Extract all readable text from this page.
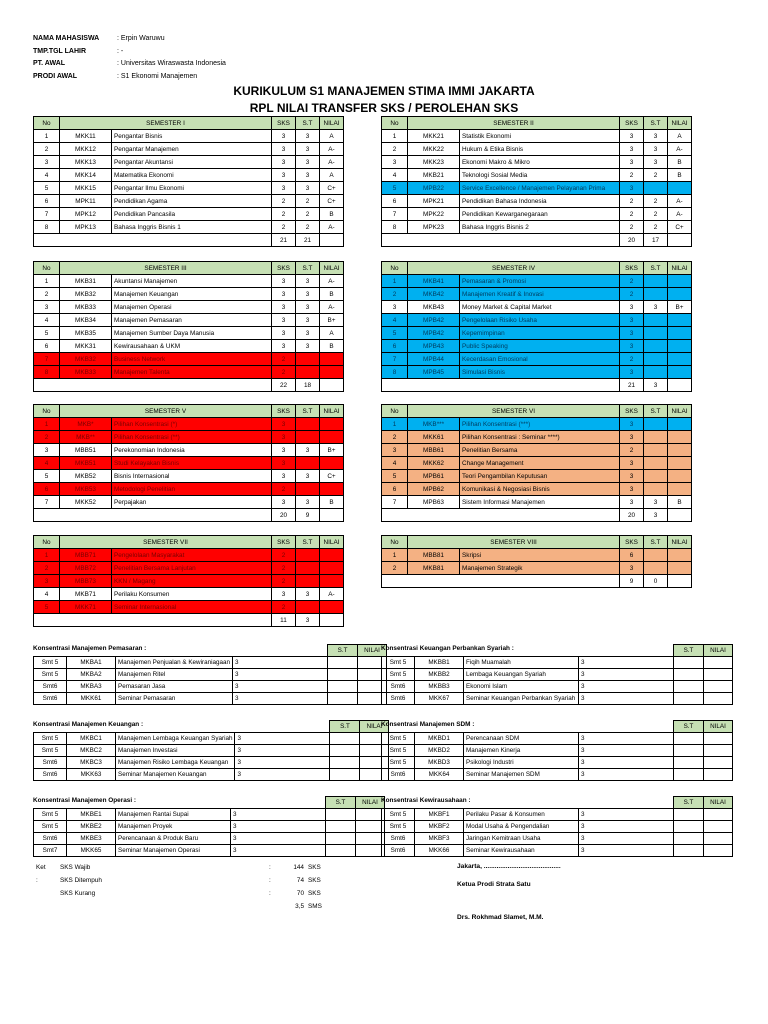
NAMA MAHASISWA	: Erpin Waruwu
TMP.TGL LAHIR	: -
PT. AWAL	: Universitas Wiraswasta Indonesia
PRODI AWAL	: S1 Ekonomi Manajemen
KURIKULUM S1 MANAJEMEN STIMA IMMI JAKARTA
RPL NILAI TRANSFER SKS / PEROLEHAN SKS
No	SEMESTER I		SKS	S.T	NILAI
1	MKK11	Pengantar Bisnis	3	3	A
2	MKK12	Pengantar Manajemen	3	3	A-
3	MKK13	Pengantar Akuntansi	3	3	A-
4	MKK14	Matematika Ekonomi	3	3	A
5	MKK15	Pengantar Ilmu Ekonomi	3	3	C+
6	MPK11	Pendidikan Agama	2	2	C+
7	MPK12	Pendidikan Pancasila	2	2	B
8	MPK13	Bahasa Inggris Bisnis 1	2	2	A-
			21	21	
No	SEMESTER II		SKS	S.T	NILAI
1	MKK21	Statistik Ekonomi	3	3	A
2	MKK22	Hukum & Etika Bisnis	3	3	A-
3	MKK23	Ekonomi Makro & Mikro	3	3	B
4	MKB21	Teknologi Sosial Media	2	2	B
5	MPB22	Service Excellence / Manajemen Pelayanan Prima	3		
6	MPK21	Pendidikan Bahasa Indonesia	2	2	A-
7	MPK22	Pendidikan Kewarganegaraan	2	2	A-
8	MPK23	Bahasa Inggris Bisnis 2	2	2	C+
			20	17	
No	SEMESTER III		SKS	S.T	NILAI
1	MKB31	Akuntansi Manajemen	3	3	A-
2	MKB32	Manajemen Keuangan	3	3	B
3	MKB33	Manajemen Operasi	3	3	A-
4	MKB34	Manajemen Pemasaran	3	3	B+
5	MKB35	Manajemen Sumber Daya Manusia	3	3	A
6	MKK31	Kewirausahaan & UKM	3	3	B
7	MKB32	Business Network	2		
8	MKB33	Manajemen Talenta	2		
			22	18	
No	SEMESTER IV		SKS	S.T	NILAI
1	MKB41	Pemasaran & Promosi	2		
2	MKB42	Manajemen Kreatif & Inovasi	2		
3	MKB43	Money Market & Capital Market	3	3	B+
4	MPB42	Pengelolaan Risiko Usaha	3		
5	MPB42	Kepemimpinan	3		
6	MPB43	Public Speaking	3		
7	MPB44	Kecerdasan Emosional	2		
8	MPB45	Simulasi Bisnis	3		
			21	3	
No	SEMESTER V		SKS	S.T	NILAI
1	MKB*	Pilihan Konsentrasi (*)	3		
2	MKB**	Pilihan Konsentrasi (**)	3		
3	MBB51	Perekonomian Indonesia	3	3	B+
4	MKB51	Studi Kelayakan Bisnis	3		
5	MKB52	Bisnis Internasional	3	3	C+
6	MKB53	Metodologi Penelitian	2		
7	MKK52	Perpajakan	3	3	B
			20	9	
No	SEMESTER VI		SKS	S.T	NILAI
1	MKB***	Pilihan Konsentrasi (***)	3		
2	MKK61	Pilihan Konsentrasi : Seminar ****)	3		
3	MBB61	Penelitian Bersama	2		
4	MKK62	Change Management	3		
5	MPB61	Teori Pengambilan Keputusan	3		
6	MPB62	Komunikasi & Negosiasi Bisnis	3		
7	MPB63	Sistem Informasi Manajemen	3	3	B
			20	3	
No	SEMESTER VII		SKS	S.T	NILAI
1	MBB71	Pengelolaan Masyarakat	2		
2	MBB72	Penelitian Bersama Lanjutan	2		
3	MBB73	KKN / Magang	2		
4	MKB71	Perilaku Konsumen	3	3	A-
5	MKK71	Seminar Internasional	2		
			11	3	
No	SEMESTER VIII		SKS	S.T	NILAI
1	MBB81	Skripsi	6		
2	MKB81	Manajemen Strategik	3		
			9	0	
Konsentrasi Manajemen Pemasaran :
				S.T	NILAI
Smt 5	MKBA1	Manajemen Penjualan & Kewiraniagaan	3		
Smt 5	MKBA2	Manajemen Ritel	3		
Smt6	MKBA3	Pemasaran Jasa	3		
Smt6	MKK61	Seminar Pemasaran	3		
Konsentrasi Keuangan Perbankan Syariah :
				S.T	NILAI
Smt 5	MKBB1	Fiqih Muamalah	3		
Smt 5	MKBB2	Lembaga Keuangan Syariah	3		
Smt6	MKBB3	Ekonomi Islam	3		
Smt6	MKK67	Seminar Keuangan Perbankan Syariah	3		
Konsentrasi Manajemen Keuangan :
				S.T	NILAI
Smt 5	MKBC1	Manajemen Lembaga Keuangan Syariah	3		
Smt 5	MKBC2	Manajemen Investasi	3		
Smt6	MKBC3	Manajemen Risiko Lembaga Keuangan	3		
Smt6	MKK63	Seminar Manajemen Keuangan	3		
Konsentrasi Manajemen SDM :
				S.T	NILAI
Smt 5	MKBD1	Perencanaan SDM	3		
Smt 5	MKBD2	Manajemen Kinerja	3		
Smt 5	MKBD3	Psikologi Industri	3		
Smt6	MKK64	Seminar Manajemen SDM	3		
Konsentrasi Manajemen Operasi :
				S.T	NILAI
Smt 5	MKBE1	Manajemen Rantai Supai	3		
Smt 5	MKBE2	Manajemen Proyek	3		
Smt6	MKBE3	Perencanaan & Produk Baru	3		
Smt7	MKK65	Seminar Manajemen Operasi	3		
Konsentrasi Kewirausahaan :
				S.T	NILAI
Smt 5	MKBF1	Perilaku Pasar & Konsumen	3		
Smt 5	MKBF2	Modal Usaha & Pengendalian	3		
Smt6	MKBF3	Jaringan Kemitraan Usaha	3		
Smt6	MKK66	Seminar Kewirausahaan	3		
Ket :
SKS Wajib	:	144 SKS
SKS Ditempuh	:	74 SKS
SKS Kurang	:	70 SKS
3,5 SMS
Jakarta, ..........................................
Ketua Prodi Strata Satu
Drs. Rokhmad Slamet, M.M.
